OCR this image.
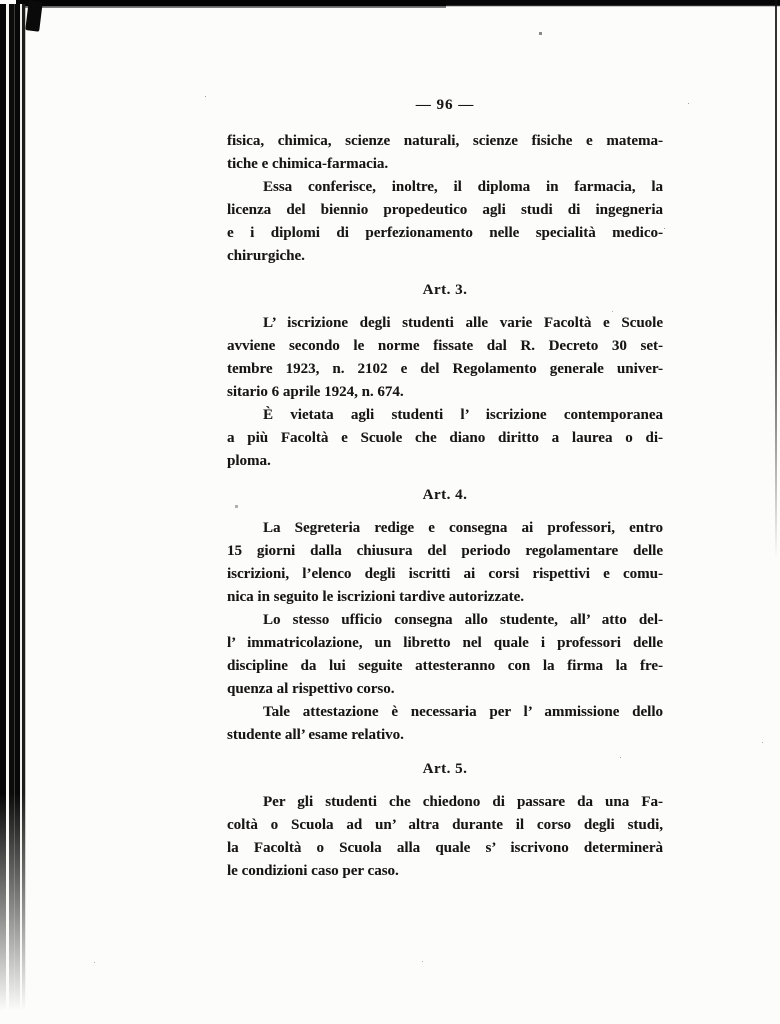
— 96 —
fisica, chimica, scienze naturali, scienze fisiche e matema-
tiche e chimica-farmacia.
Essa conferisce, inoltre, il diploma in farmacia, la
licenza del biennio propedeutico agli studi di ingegneria
e i diplomi di perfezionamento nelle specialità medico-
chirurgiche.
Art. 3.
L’ iscrizione degli studenti alle varie Facoltà e Scuole
avviene secondo le norme fissate dal R. Decreto 30 set-
tembre 1923, n. 2102 e del Regolamento generale univer-
sitario 6 aprile 1924, n. 674.
È vietata agli studenti l’ iscrizione contemporanea
a più Facoltà e Scuole che diano diritto a laurea o di-
ploma.
Art. 4.
La Segreteria redige e consegna ai professori, entro
15 giorni dalla chiusura del periodo regolamentare delle
iscrizioni, l’elenco degli iscritti ai corsi rispettivi e comu-
nica in seguito le iscrizioni tardive autorizzate.
Lo stesso ufficio consegna allo studente, all’ atto del-
l’ immatricolazione, un libretto nel quale i professori delle
discipline da lui seguite attesteranno con la firma la fre-
quenza al rispettivo corso.
Tale attestazione è necessaria per l’ ammissione dello
studente all’ esame relativo.
Art. 5.
Per gli studenti che chiedono di passare da una Fa-
coltà o Scuola ad un’ altra durante il corso degli studi,
la Facoltà o Scuola alla quale s’ iscrivono determinerà
le condizioni caso per caso.
